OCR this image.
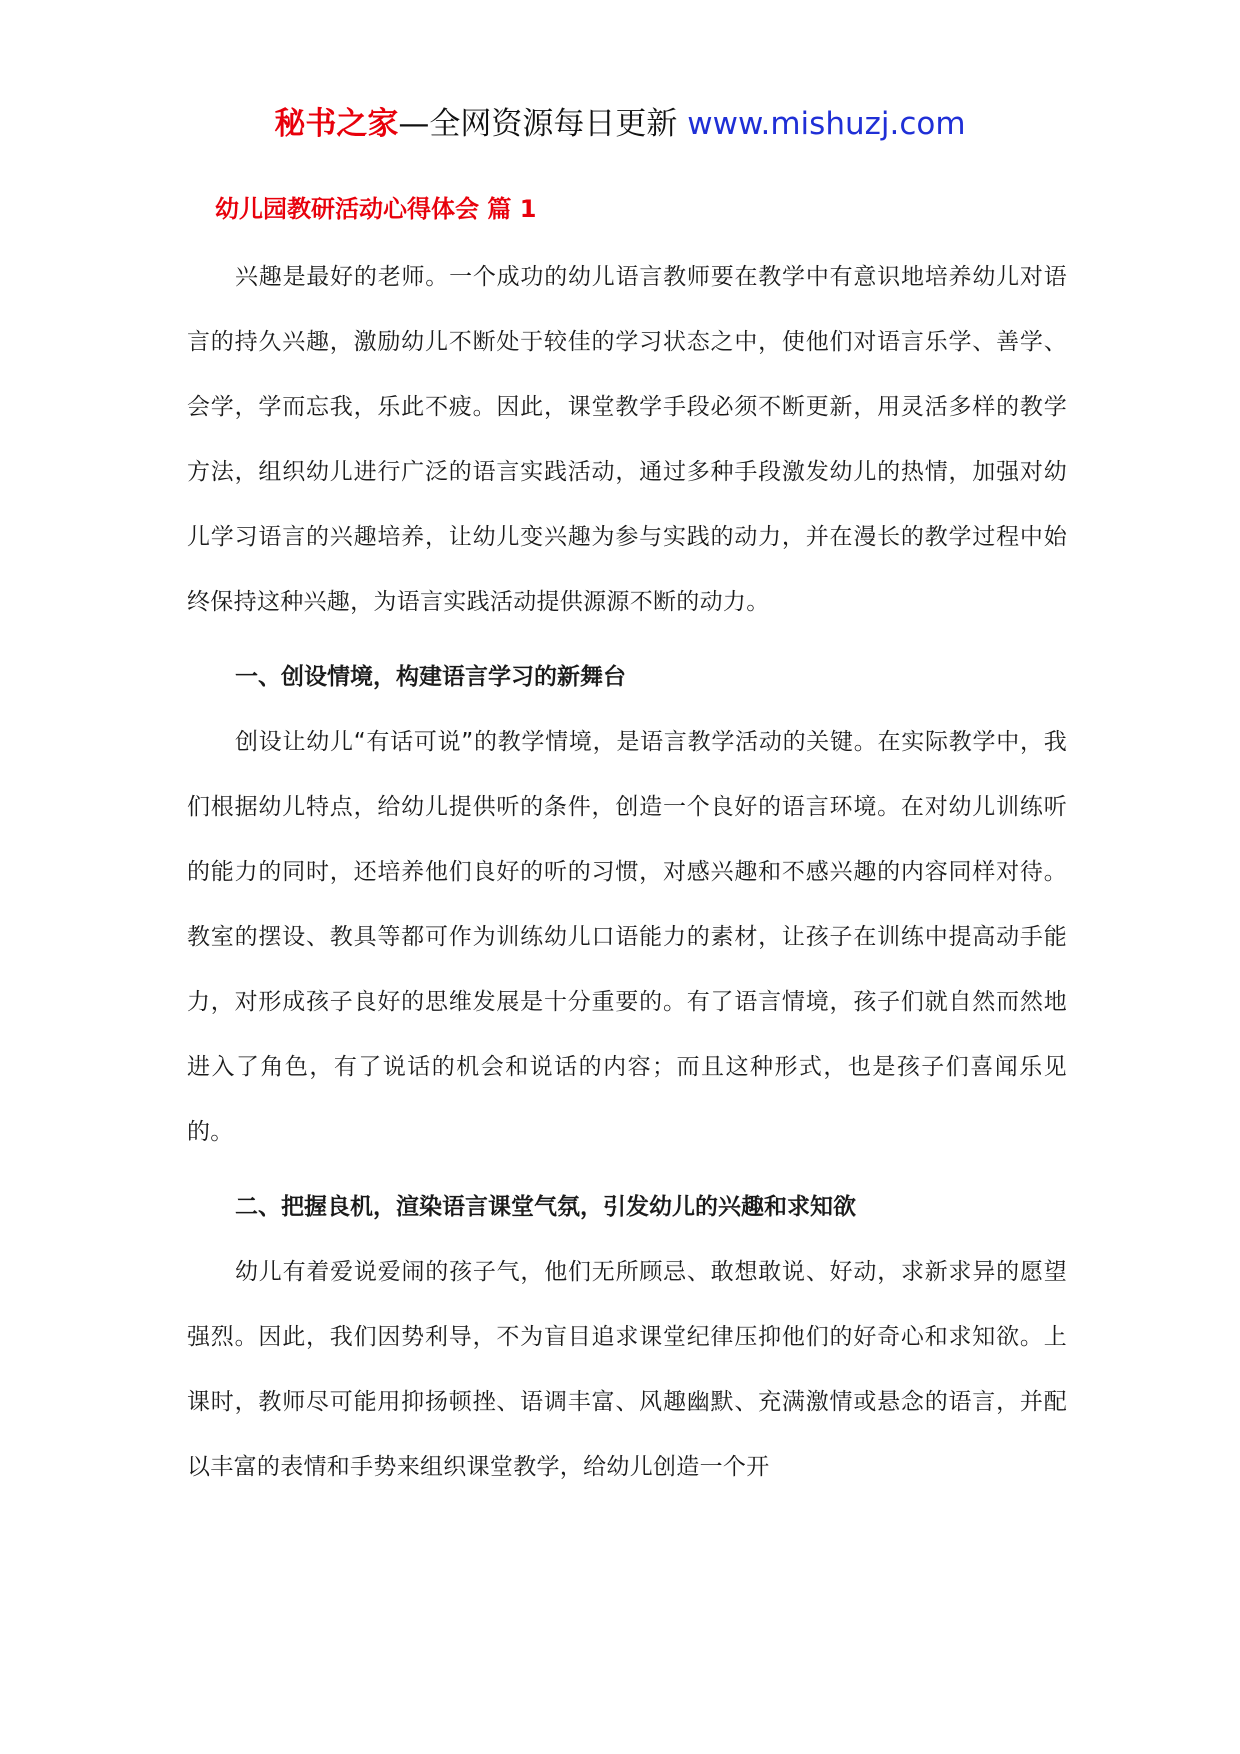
秘书之家—全网资源每日更新 www.mishuzj.com
幼儿园教研活动心得体会 篇 1

兴趣是最好的老师。一个成功的幼儿语言教师要在教学中有意识地培养幼儿对语言的持久兴趣，激励幼儿不断处于较佳的学习状态之中，使他们对语言乐学、善学、会学，学而忘我，乐此不疲。因此，课堂教学手段必须不断更新，用灵活多样的教学方法，组织幼儿进行广泛的语言实践活动，通过多种手段激发幼儿的热情，加强对幼儿学习语言的兴趣培养，让幼儿变兴趣为参与实践的动力，并在漫长的教学过程中始终保持这种兴趣，为语言实践活动提供源源不断的动力。

一、创设情境，构建语言学习的新舞台

创设让幼儿“有话可说”的教学情境，是语言教学活动的关键。在实际教学中，我们根据幼儿特点，给幼儿提供听的条件，创造一个良好的语言环境。在对幼儿训练听的能力的同时，还培养他们良好的听的习惯，对感兴趣和不感兴趣的内容同样对待。教室的摆设、教具等都可作为训练幼儿口语能力的素材，让孩子在训练中提高动手能力，对形成孩子良好的思维发展是十分重要的。有了语言情境，孩子们就自然而然地进入了角色，有了说话的机会和说话的内容；而且这种形式，也是孩子们喜闻乐见的。

二、把握良机，渲染语言课堂气氛，引发幼儿的兴趣和求知欲

幼儿有着爱说爱闹的孩子气，他们无所顾忌、敢想敢说、好动，求新求异的愿望强烈。因此，我们因势利导，不为盲目追求课堂纪律压抑他们的好奇心和求知欲。上课时，教师尽可能用抑扬顿挫、语调丰富、风趣幽默、充满激情或悬念的语言，并配以丰富的表情和手势来组织课堂教学，给幼儿创造一个开
